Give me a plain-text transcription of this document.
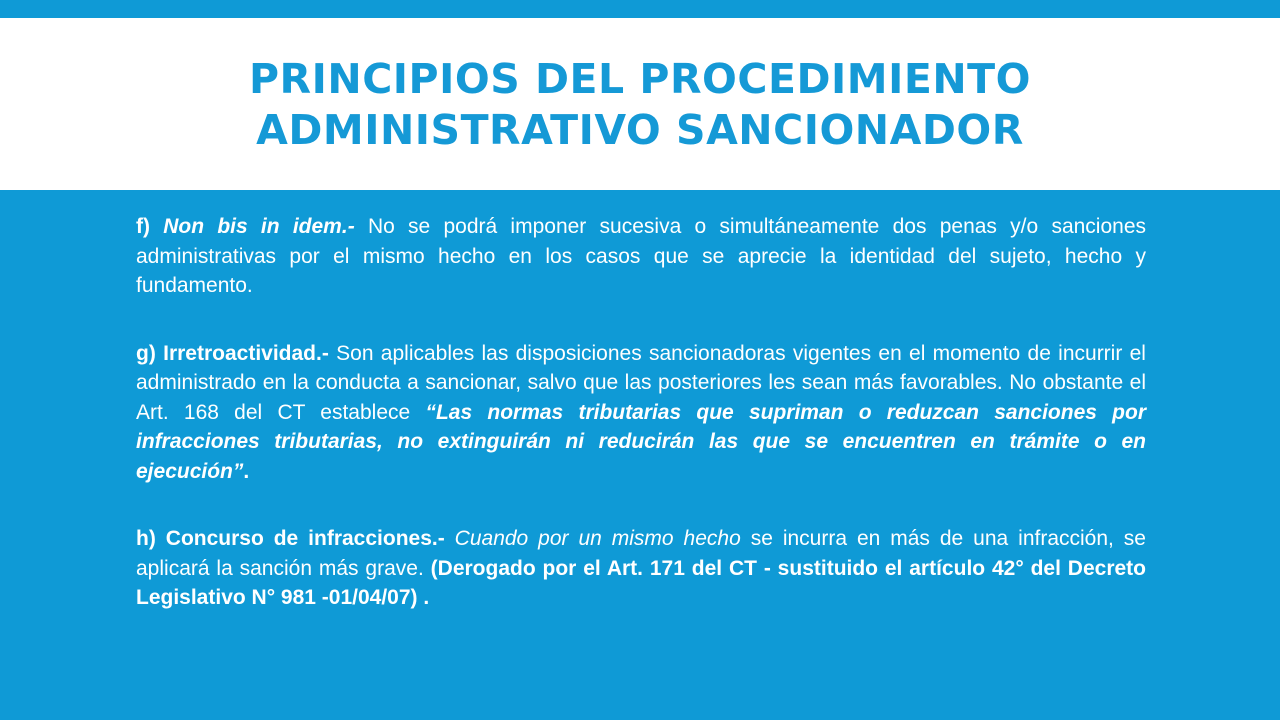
PRINCIPIOS DEL PROCEDIMIENTO
ADMINISTRATIVO SANCIONADOR

f) Non bis in idem.- No se podrá imponer sucesiva o simultáneamente dos penas y/o sanciones administrativas por el mismo hecho en los casos que se aprecie la identidad del sujeto, hecho y fundamento.

g) Irretroactividad.- Son aplicables las disposiciones sancionadoras vigentes en el momento de incurrir el administrado en la conducta a sancionar, salvo que las posteriores les sean más favorables. No obstante el Art. 168 del CT establece “Las normas tributarias que supriman o reduzcan sanciones por infracciones tributarias, no extinguirán ni reducirán las que se encuentren en trámite o en ejecución”.

h) Concurso de infracciones.- Cuando por un mismo hecho se incurra en más de una infracción, se aplicará la sanción más grave. (Derogado por el Art. 171 del CT - sustituido el artículo 42° del Decreto Legislativo N° 981 -01/04/07) .
